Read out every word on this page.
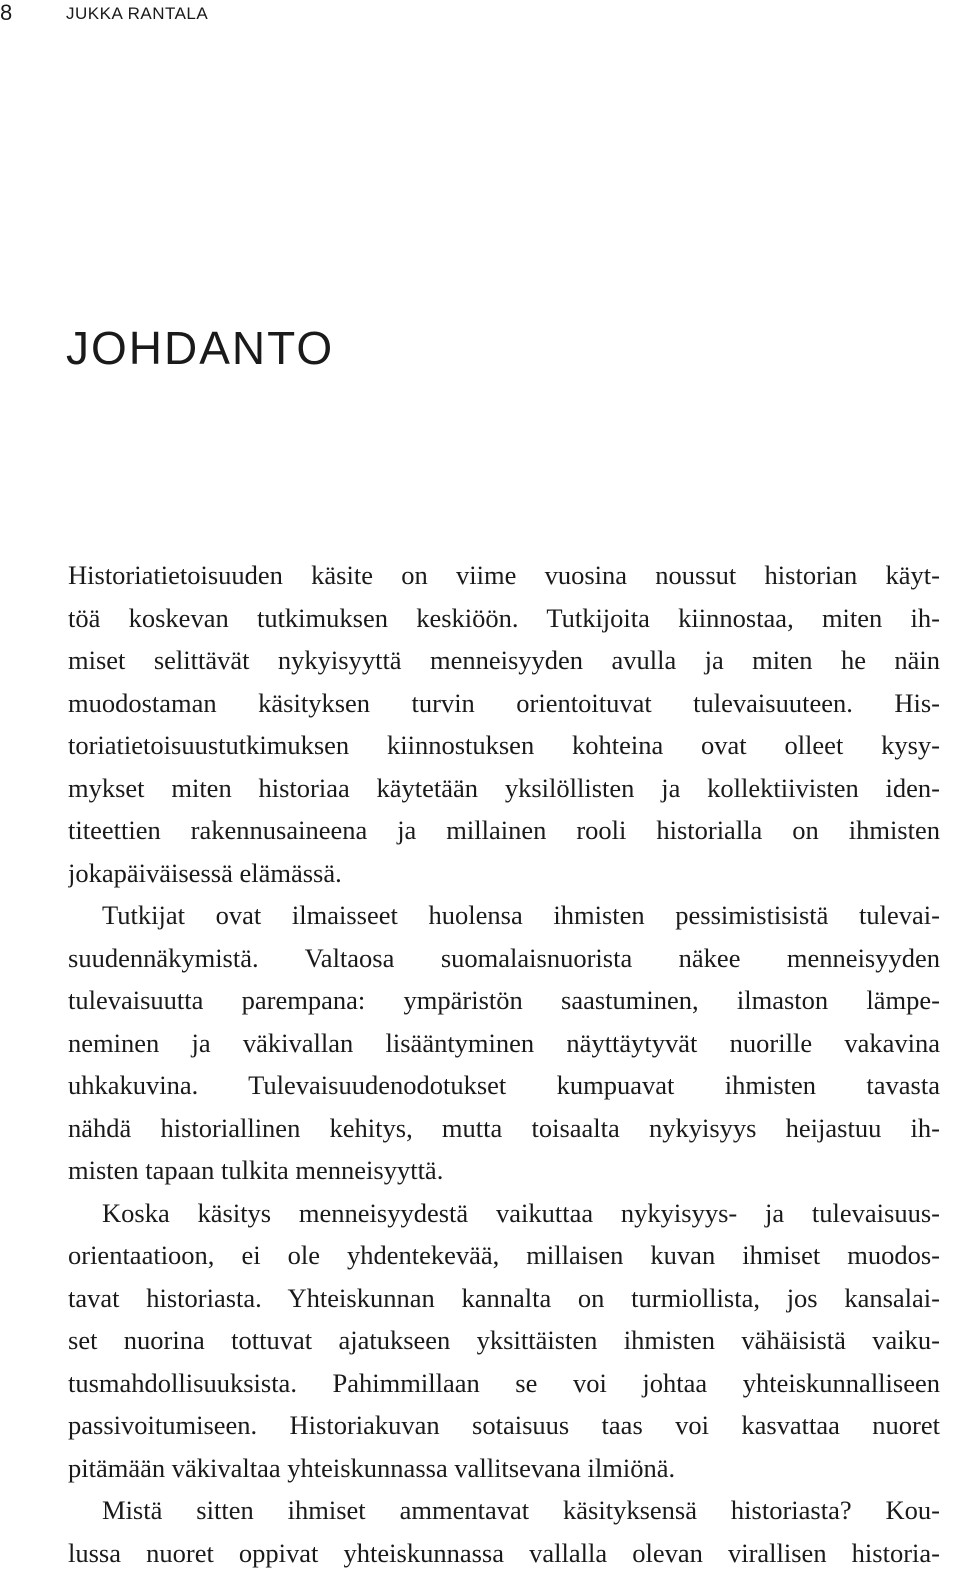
8	JUKKA RANTALA
JOHDANTO
Historiatietoisuuden käsite on viime vuosina noussut historian käyt-
töä koskevan tutkimuksen keskiöön. Tutkijoita kiinnostaa, miten ih-
miset selittävät nykyisyyttä menneisyyden avulla ja miten he näin
muodostaman käsityksen turvin orientoituvat tulevaisuuteen. His-
toriatietoisuustutkimuksen kiinnostuksen kohteina ovat olleet kysy-
mykset miten historiaa käytetään yksilöllisten ja kollektiivisten iden-
titeettien rakennusaineena ja millainen rooli historialla on ihmisten
jokapäiväisessä elämässä.
Tutkijat ovat ilmaisseet huolensa ihmisten pessimistisistä tulevai-
suudennäkymistä. Valtaosa suomalaisnuorista näkee menneisyyden
tulevaisuutta parempana: ympäristön saastuminen, ilmaston lämpe-
neminen ja väkivallan lisääntyminen näyttäytyvät nuorille vakavina
uhkakuvina. Tulevaisuudenodotukset kumpuavat ihmisten tavasta
nähdä historiallinen kehitys, mutta toisaalta nykyisyys heijastuu ih-
misten tapaan tulkita menneisyyttä.
Koska käsitys menneisyydestä vaikuttaa nykyisyys- ja tulevaisuus-
orientaatioon, ei ole yhdentekevää, millaisen kuvan ihmiset muodos-
tavat historiasta. Yhteiskunnan kannalta on turmiollista, jos kansalai-
set nuorina tottuvat ajatukseen yksittäisten ihmisten vähäisistä vaiku-
tusmahdollisuuksista. Pahimmillaan se voi johtaa yhteiskunnalliseen
passivoitumiseen. Historiakuvan sotaisuus taas voi kasvattaa nuoret
pitämään väkivaltaa yhteiskunnassa vallitsevana ilmiönä.
Mistä sitten ihmiset ammentavat käsityksensä historiasta? Kou-
lussa nuoret oppivat yhteiskunnassa vallalla olevan virallisen historia-
